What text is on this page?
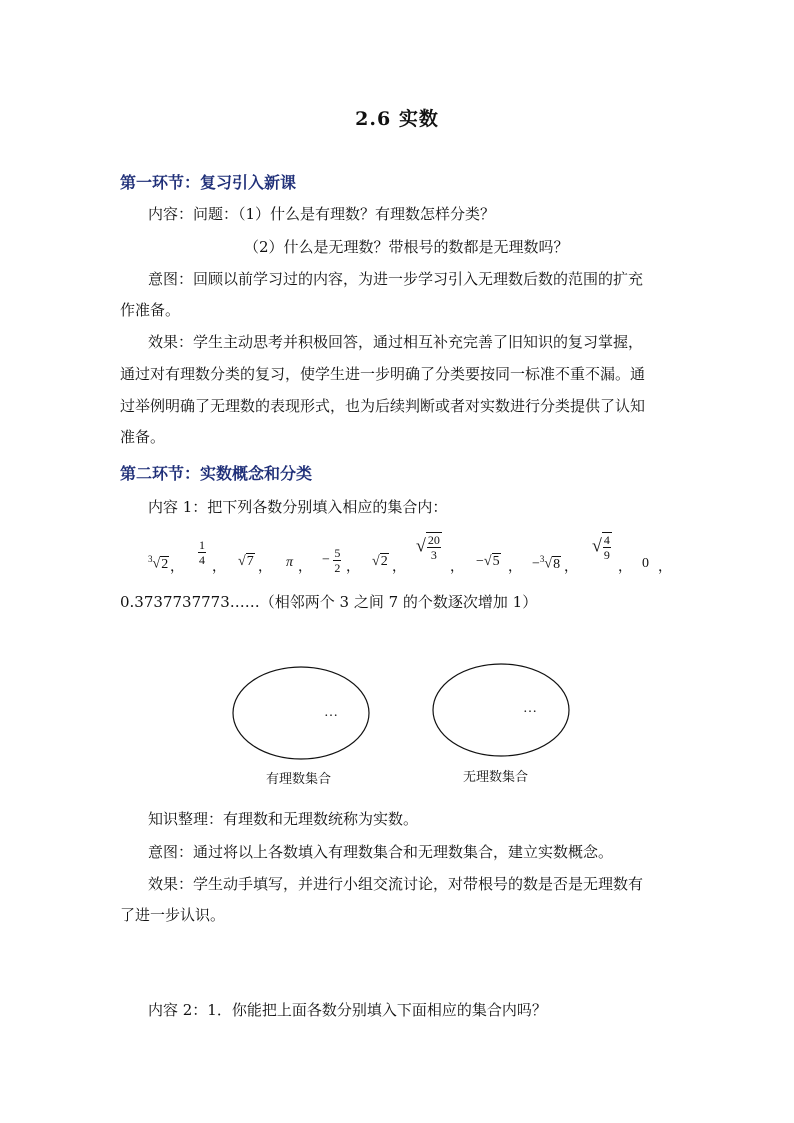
2.6 实数
第一环节：复习引入新课
内容：问题：（1）什么是有理数？有理数怎样分类？
（2）什么是无理数？带根号的数都是无理数吗？
意图：回顾以前学习过的内容，为进一步学习引入无理数后数的范围的扩充
作准备。
效果：学生主动思考并积极回答，通过相互补充完善了旧知识的复习掌握，
通过对有理数分类的复习，使学生进一步明确了分类要按同一标准不重不漏。通
过举例明确了无理数的表现形式，也为后续判断或者对实数进行分类提供了认知
准备。
第二环节：实数概念和分类
内容 1：把下列各数分别填入相应的集合内：
$^3$√2 ，
$\frac{1}{4}$
， √7 ， π ， − $\frac{5}{2}$ ， √2 ，
√ $\frac{20}{3}$
， −√5 ， −$^3$√8 ，
√ $\frac{4}{9}$
， 0 ，
0.3737737773……（相邻两个 3 之间 7 的个数逐次增加 1）
…	…
有理数集合	无理数集合
知识整理：有理数和无理数统称为实数。
意图：通过将以上各数填入有理数集合和无理数集合，建立实数概念。
效果：学生动手填写，并进行小组交流讨论，对带根号的数是否是无理数有
了进一步认识。
内容 2：1．你能把上面各数分别填入下面相应的集合内吗？
